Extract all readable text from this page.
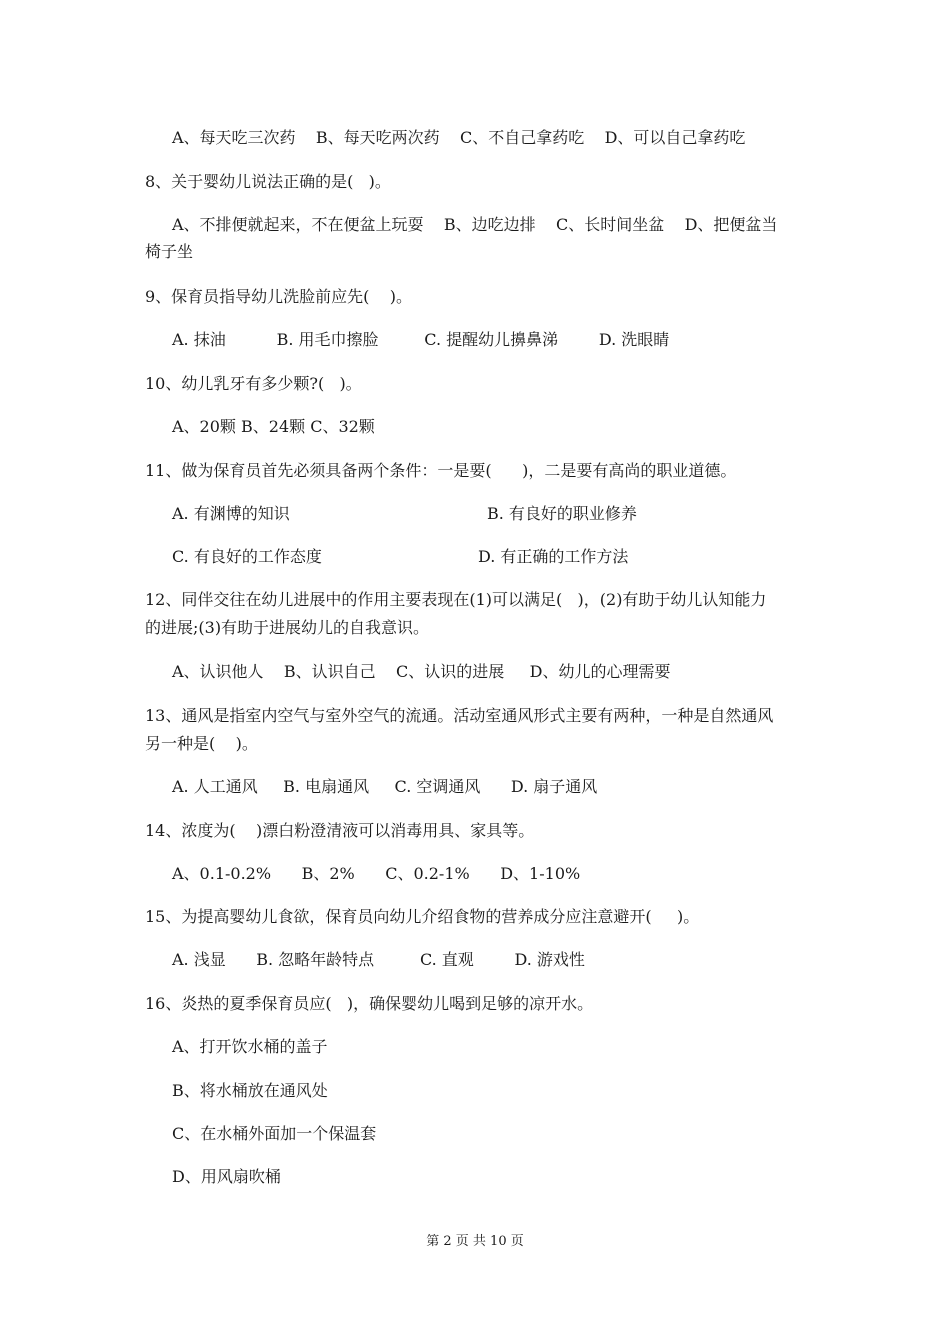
A、每天吃三次药    B、每天吃两次药    C、不自己拿药吃    D、可以自己拿药吃
8、关于婴幼儿说法正确的是(   )。
A、不排便就起来，不在便盆上玩耍    B、边吃边排    C、长时间坐盆    D、把便盆当
椅子坐
9、保育员指导幼儿洗脸前应先(    )。
A. 抹油          B. 用毛巾擦脸         C. 提醒幼儿擤鼻涕        D. 洗眼睛
10、幼儿乳牙有多少颗?(   )。
A、20颗 B、24颗 C、32颗
11、做为保育员首先必须具备两个条件：一是要(      )，二是要有高尚的职业道德。
A. 有渊博的知识	B. 有良好的职业修养
C. 有良好的工作态度	D. 有正确的工作方法
12、同伴交往在幼儿进展中的作用主要表现在(1)可以满足(   )，(2)有助于幼儿认知能力
的进展;(3)有助于进展幼儿的自我意识。
A、认识他人    B、认识自己    C、认识的进展     D、幼儿的心理需要
13、通风是指室内空气与室外空气的流通。活动室通风形式主要有两种，一种是自然通风
另一种是(    )。
A. 人工通风     B. 电扇通风     C. 空调通风      D. 扇子通风
14、浓度为(    )漂白粉澄清液可以消毒用具、家具等。
A、0.1-0.2%      B、2%      C、0.2-1%      D、1-10%
15、为提高婴幼儿食欲，保育员向幼儿介绍食物的营养成分应注意避开(     )。
A. 浅显      B. 忽略年龄特点         C. 直观        D. 游戏性
16、炎热的夏季保育员应(   )，确保婴幼儿喝到足够的凉开水。
A、打开饮水桶的盖子
B、将水桶放在通风处
C、在水桶外面加一个保温套
D、用风扇吹桶
第 2 页 共 10 页
